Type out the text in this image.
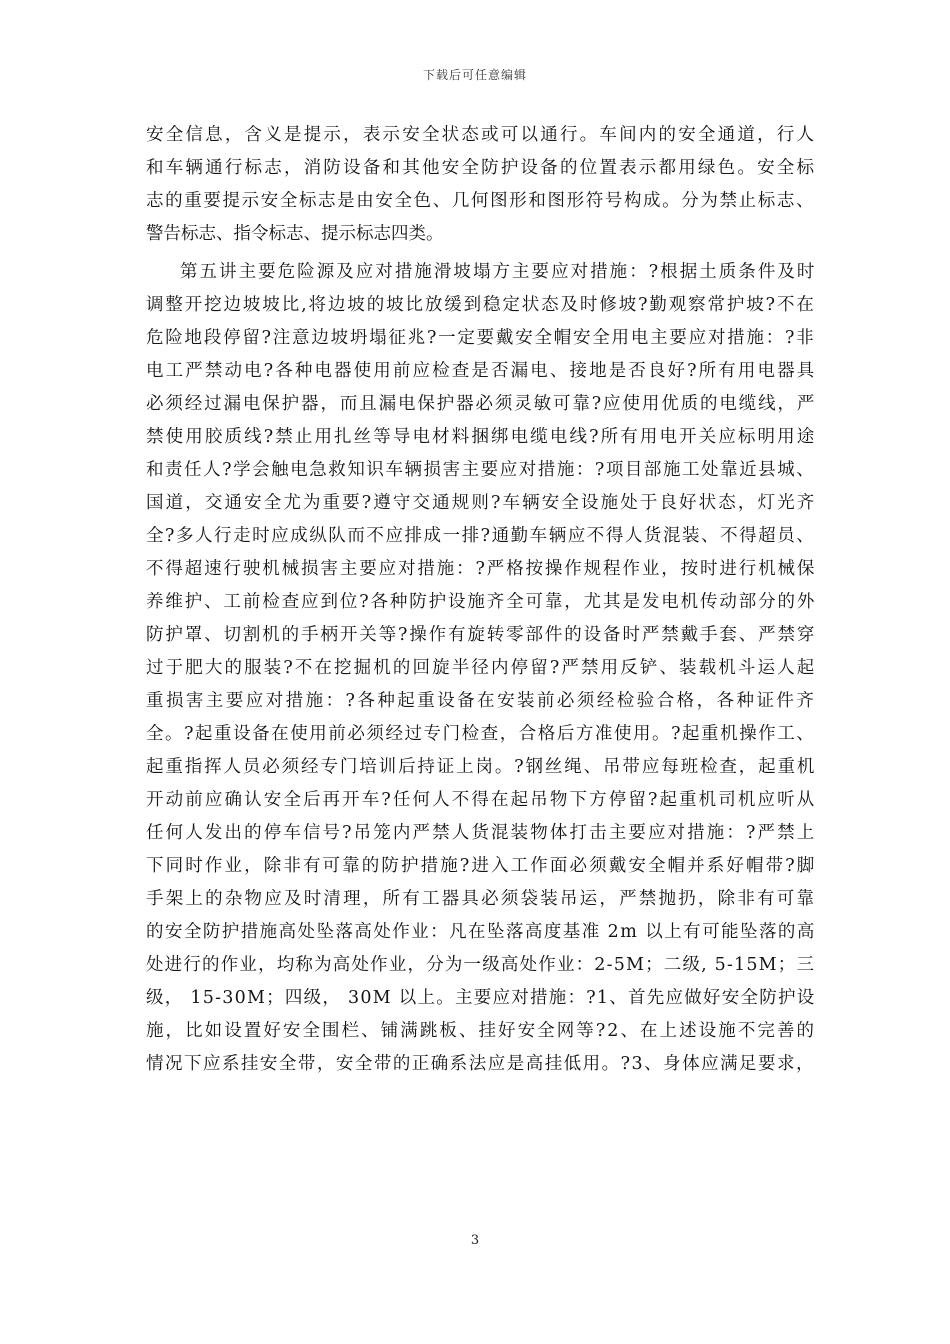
下载后可任意编辑
安全信息，含义是提示，表示安全状态或可以通行。车间内的安全通道，行人
和车辆通行标志，消防设备和其他安全防护设备的位置表示都用绿色。安全标
志的重要提示安全标志是由安全色、几何图形和图形符号构成。分为禁止标志、
警告标志、指令标志、提示标志四类。
第五讲主要危险源及应对措施滑坡塌方主要应对措施：?根据土质条件及时
调整开挖边坡坡比,将边坡的坡比放缓到稳定状态及时修坡?勤观察常护坡?不在
危险地段停留?注意边坡坍塌征兆?一定要戴安全帽安全用电主要应对措施：?非
电工严禁动电?各种电器使用前应检查是否漏电、接地是否良好?所有用电器具
必须经过漏电保护器，而且漏电保护器必须灵敏可靠?应使用优质的电缆线，严
禁使用胶质线?禁止用扎丝等导电材料捆绑电缆电线?所有用电开关应标明用途
和责任人?学会触电急救知识车辆损害主要应对措施：?项目部施工处靠近县城、
国道，交通安全尤为重要?遵守交通规则?车辆安全设施处于良好状态，灯光齐
全?多人行走时应成纵队而不应排成一排?通勤车辆应不得人货混装、不得超员、
不得超速行驶机械损害主要应对措施：?严格按操作规程作业，按时进行机械保
养维护、工前检查应到位?各种防护设施齐全可靠，尤其是发电机传动部分的外
防护罩、切割机的手柄开关等?操作有旋转零部件的设备时严禁戴手套、严禁穿
过于肥大的服装?不在挖掘机的回旋半径内停留?严禁用反铲、装载机斗运人起
重损害主要应对措施：?各种起重设备在安装前必须经检验合格，各种证件齐
全。?起重设备在使用前必须经过专门检查，合格后方准使用。?起重机操作工、
起重指挥人员必须经专门培训后持证上岗。?钢丝绳、吊带应每班检查，起重机
开动前应确认安全后再开车?任何人不得在起吊物下方停留?起重机司机应听从
任何人发出的停车信号?吊笼内严禁人货混装物体打击主要应对措施：?严禁上
下同时作业，除非有可靠的防护措施?进入工作面必须戴安全帽并系好帽带?脚
手架上的杂物应及时清理，所有工器具必须袋装吊运，严禁抛扔，除非有可靠
的安全防护措施高处坠落高处作业：凡在坠落高度基准 2m 以上有可能坠落的高
处进行的作业，均称为高处作业，分为一级高处作业：2-5M；二级, 5-15M；三
级， 15-30M；四级， 30M 以上。主要应对措施：?1、首先应做好安全防护设
施，比如设置好安全围栏、铺满跳板、挂好安全网等?2、在上述设施不完善的
情况下应系挂安全带，安全带的正确系法应是高挂低用。?3、身体应满足要求，
3
